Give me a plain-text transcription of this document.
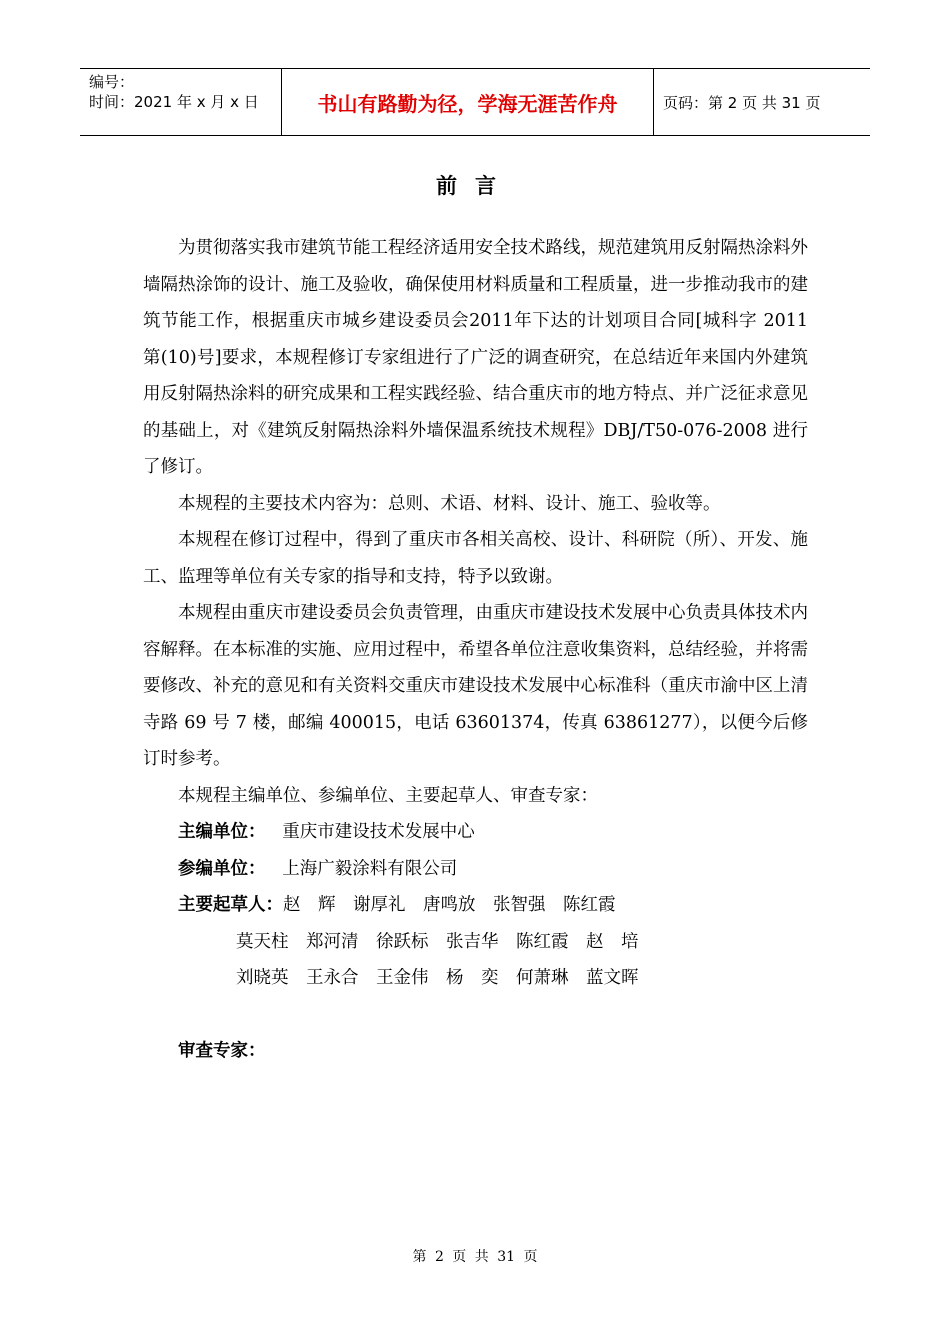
编号：
时间：2021 年 x 月 x 日	书山有路勤为径，学海无涯苦作舟	页码：第 2 页 共 31 页
前言

为贯彻落实我市建筑节能工程经济适用安全技术路线，规范建筑用反射隔热涂料外墙隔热涂饰的设计、施工及验收，确保使用材料质量和工程质量，进一步推动我市的建筑节能工作，根据重庆市城乡建设委员会2011年下达的计划项目合同[城科字 2011 第(10)号]要求，本规程修订专家组进行了广泛的调查研究，在总结近年来国内外建筑用反射隔热涂料的研究成果和工程实践经验、结合重庆市的地方特点、并广泛征求意见的基础上，对《建筑反射隔热涂料外墙保温系统技术规程》DBJ/T50-076-2008 进行了修订。

本规程的主要技术内容为：总则、术语、材料、设计、施工、验收等。

本规程在修订过程中，得到了重庆市各相关高校、设计、科研院（所）、开发、施工、监理等单位有关专家的指导和支持，特予以致谢。

本规程由重庆市建设委员会负责管理，由重庆市建设技术发展中心负责具体技术内容解释。在本标准的实施、应用过程中，希望各单位注意收集资料，总结经验，并将需要修改、补充的意见和有关资料交重庆市建设技术发展中心标准科（重庆市渝中区上清寺路 69 号 7 楼，邮编 400015，电话 63601374，传真 63861277），以便今后修订时参考。

本规程主编单位、参编单位、主要起草人、审查专家：

主编单位： 重庆市建设技术发展中心

参编单位： 上海广毅涂料有限公司

主要起草人：赵　辉　谢厚礼　唐鸣放　张智强　陈红霞

莫天柱　郑河清　徐跃标　张吉华　陈红霞　赵　培

刘晓英　王永合　王金伟　杨　奕　何萧琳　蓝文晖

审查专家：
第 2 页 共 31 页
